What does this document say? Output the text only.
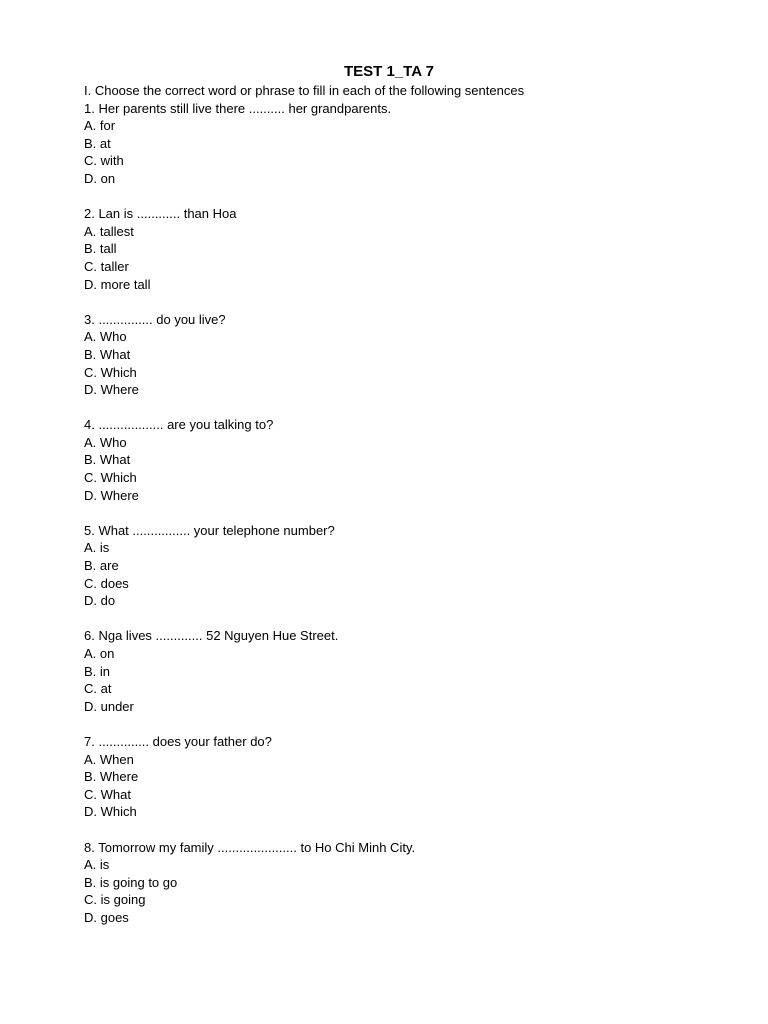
TEST 1_TA 7
I. Choose the correct word or phrase to fill in each of the following sentences
1. Her parents still live there .......... her grandparents.
A. for
B. at
C. with
D. on
2. Lan is ............ than Hoa
A. tallest
B. tall
C. taller
D. more tall
3. ............... do you live?
A. Who
B. What
C. Which
D. Where
4. .................. are you talking to?
A. Who
B. What
C. Which
D. Where
5. What ................ your telephone number?
A. is
B. are
C. does
D. do
6. Nga lives ............. 52 Nguyen Hue Street.
A. on
B. in
C. at
D. under
7. .............. does your father do?
A. When
B. Where
C. What
D. Which
8. Tomorrow my family ...................... to Ho Chi Minh City.
A. is
B. is going to go
C. is going
D. goes
